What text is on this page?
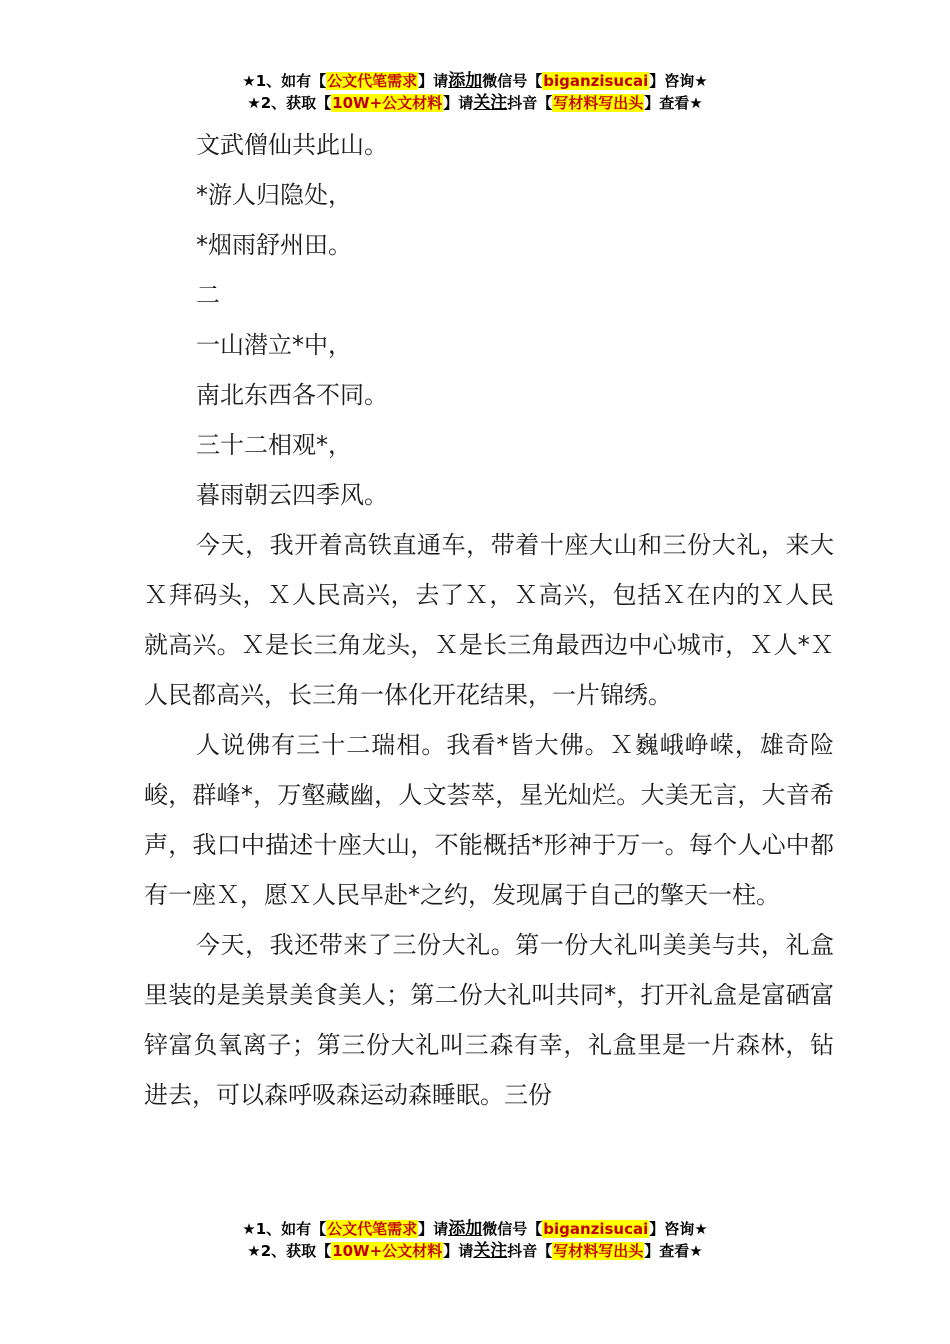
★1、如有【公文代笔需求】请添加微信号【biganzisucai】咨询★
★2、获取【10W+公文材料】请关注抖音【写材料写出头】查看★

文武僧仙共此山。

*游人归隐处，

*烟雨舒州田。

二

一山潜立*中，

南北东西各不同。

三十二相观*，

暮雨朝云四季风。

今天，我开着高铁直通车，带着十座大山和三份大礼，来大Ｘ拜码头，Ｘ人民高兴，去了Ｘ，Ｘ高兴，包括Ｘ在内的Ｘ人民就高兴。Ｘ是长三角龙头，Ｘ是长三角最西边中心城市，Ｘ人*Ｘ人民都高兴，长三角一体化开花结果，一片锦绣。

人说佛有三十二瑞相。我看*皆大佛。Ｘ巍峨峥嵘，雄奇险峻，群峰*，万壑藏幽，人文荟萃，星光灿烂。大美无言，大音希声，我口中描述十座大山，不能概括*形神于万一。每个人心中都有一座Ｘ，愿Ｘ人民早赴*之约，发现属于自己的擎天一柱。

今天，我还带来了三份大礼。第一份大礼叫美美与共，礼盒里装的是美景美食美人；第二份大礼叫共同*，打开礼盒是富硒富锌富负氧离子；第三份大礼叫三森有幸，礼盒里是一片森林，钻进去，可以森呼吸森运动森睡眠。三份

★1、如有【公文代笔需求】请添加微信号【biganzisucai】咨询★
★2、获取【10W+公文材料】请关注抖音【写材料写出头】查看★
